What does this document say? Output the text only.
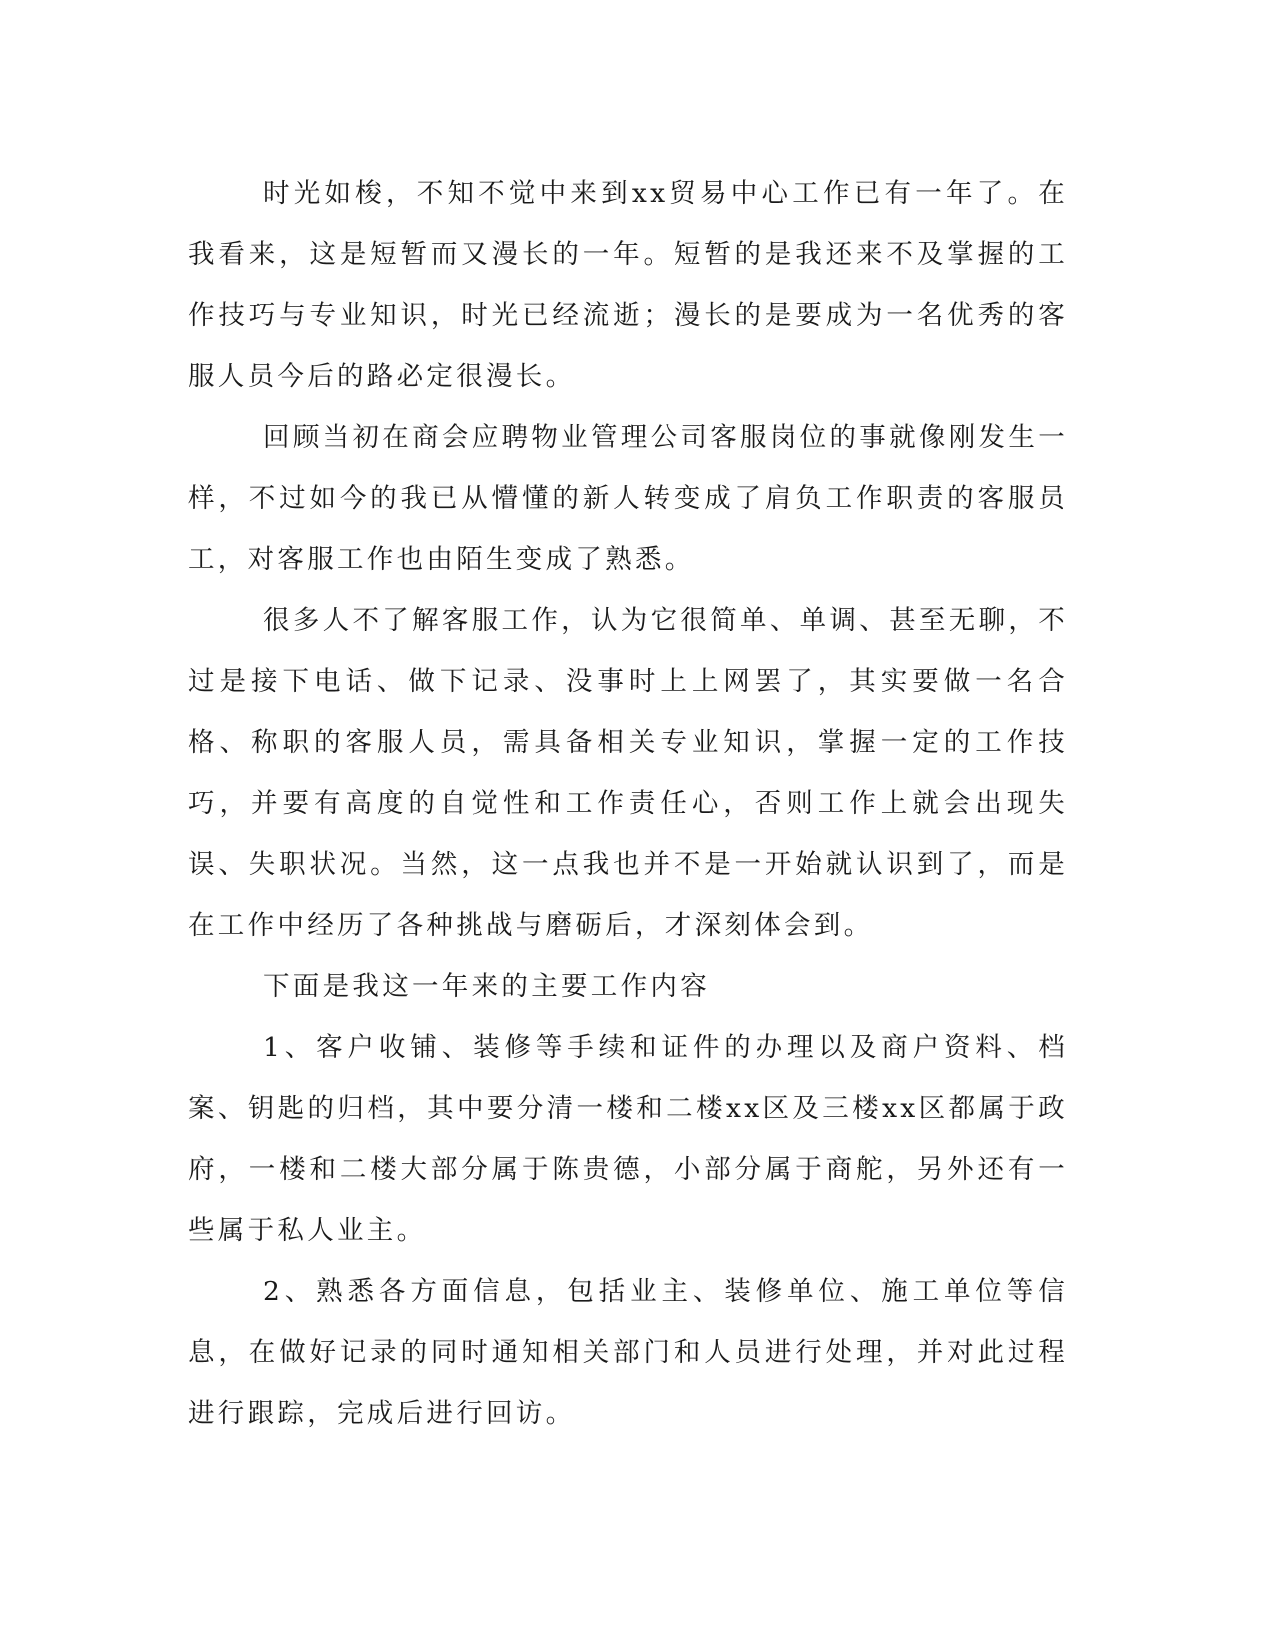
时光如梭，不知不觉中来到xx贸易中心工作已有一年了。在我看来，这是短暂而又漫长的一年。短暂的是我还来不及掌握的工作技巧与专业知识，时光已经流逝；漫长的是要成为一名优秀的客服人员今后的路必定很漫长。

回顾当初在商会应聘物业管理公司客服岗位的事就像刚发生一样，不过如今的我已从懵懂的新人转变成了肩负工作职责的客服员工，对客服工作也由陌生变成了熟悉。

很多人不了解客服工作，认为它很简单、单调、甚至无聊，不过是接下电话、做下记录、没事时上上网罢了，其实要做一名合格、称职的客服人员，需具备相关专业知识，掌握一定的工作技巧，并要有高度的自觉性和工作责任心，否则工作上就会出现失误、失职状况。当然，这一点我也并不是一开始就认识到了，而是在工作中经历了各种挑战与磨砺后，才深刻体会到。

下面是我这一年来的主要工作内容

1、客户收铺、装修等手续和证件的办理以及商户资料、档案、钥匙的归档，其中要分清一楼和二楼xx区及三楼xx区都属于政府，一楼和二楼大部分属于陈贵德，小部分属于商舵，另外还有一些属于私人业主。

2、熟悉各方面信息，包括业主、装修单位、施工单位等信息，在做好记录的同时通知相关部门和人员进行处理，并对此过程进行跟踪，完成后进行回访。
